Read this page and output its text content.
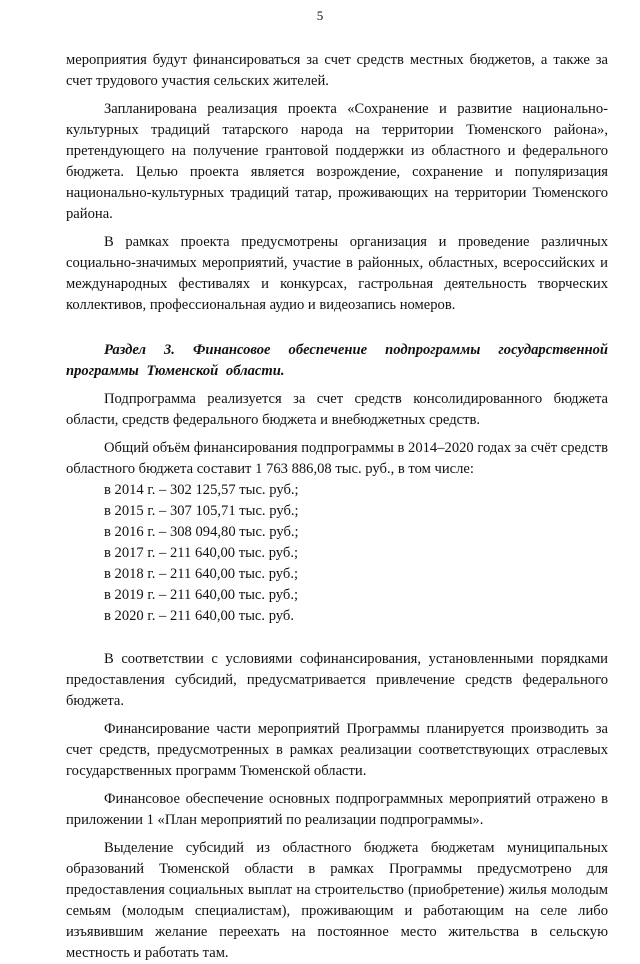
5

мероприятия будут финансироваться за счет средств местных бюджетов, а также за счет трудового участия сельских жителей.

Запланирована реализация проекта «Сохранение и развитие национально-культурных традиций татарского народа на территории Тюменского района», претендующего на получение грантовой поддержки из областного и федерального бюджета. Целью проекта является возрождение, сохранение и популяризация национально-культурных традиций татар, проживающих на территории Тюменского района.

В рамках проекта предусмотрены организация и проведение различных социально-значимых мероприятий, участие в районных, областных, всероссийских и международных фестивалях и конкурсах, гастрольная деятельность творческих коллективов, профессиональная аудио и видеозапись номеров.

Раздел 3. Финансовое обеспечение подпрограммы государственной программы Тюменской области.

Подпрограмма реализуется за счет средств консолидированного бюджета области, средств федерального бюджета и внебюджетных средств.

Общий объём финансирования подпрограммы в 2014–2020 годах за счёт средств областного бюджета составит 1 763 886,08 тыс. руб., в том числе:

в 2014 г. – 302 125,57 тыс. руб.;
в 2015 г. – 307 105,71 тыс. руб.;
в 2016 г. – 308 094,80 тыс. руб.;
в 2017 г. – 211 640,00 тыс. руб.;
в 2018 г. – 211 640,00 тыс. руб.;
в 2019 г. – 211 640,00 тыс. руб.;
в 2020 г. – 211 640,00 тыс. руб.

В соответствии с условиями софинансирования, установленными порядками предоставления субсидий, предусматривается привлечение средств федерального бюджета.

Финансирование части мероприятий Программы планируется производить за счет средств, предусмотренных в рамках реализации соответствующих отраслевых государственных программ Тюменской области.

Финансовое обеспечение основных подпрограммных мероприятий отражено в приложении 1 «План мероприятий по реализации подпрограммы».

Выделение субсидий из областного бюджета бюджетам муниципальных образований Тюменской области в рамках Программы предусмотрено для предоставления социальных выплат на строительство (приобретение) жилья молодым семьям (молодым специалистам), проживающим и работающим на селе либо изъявившим желание переехать на постоянное место жительства в сельскую местность и работать там.
